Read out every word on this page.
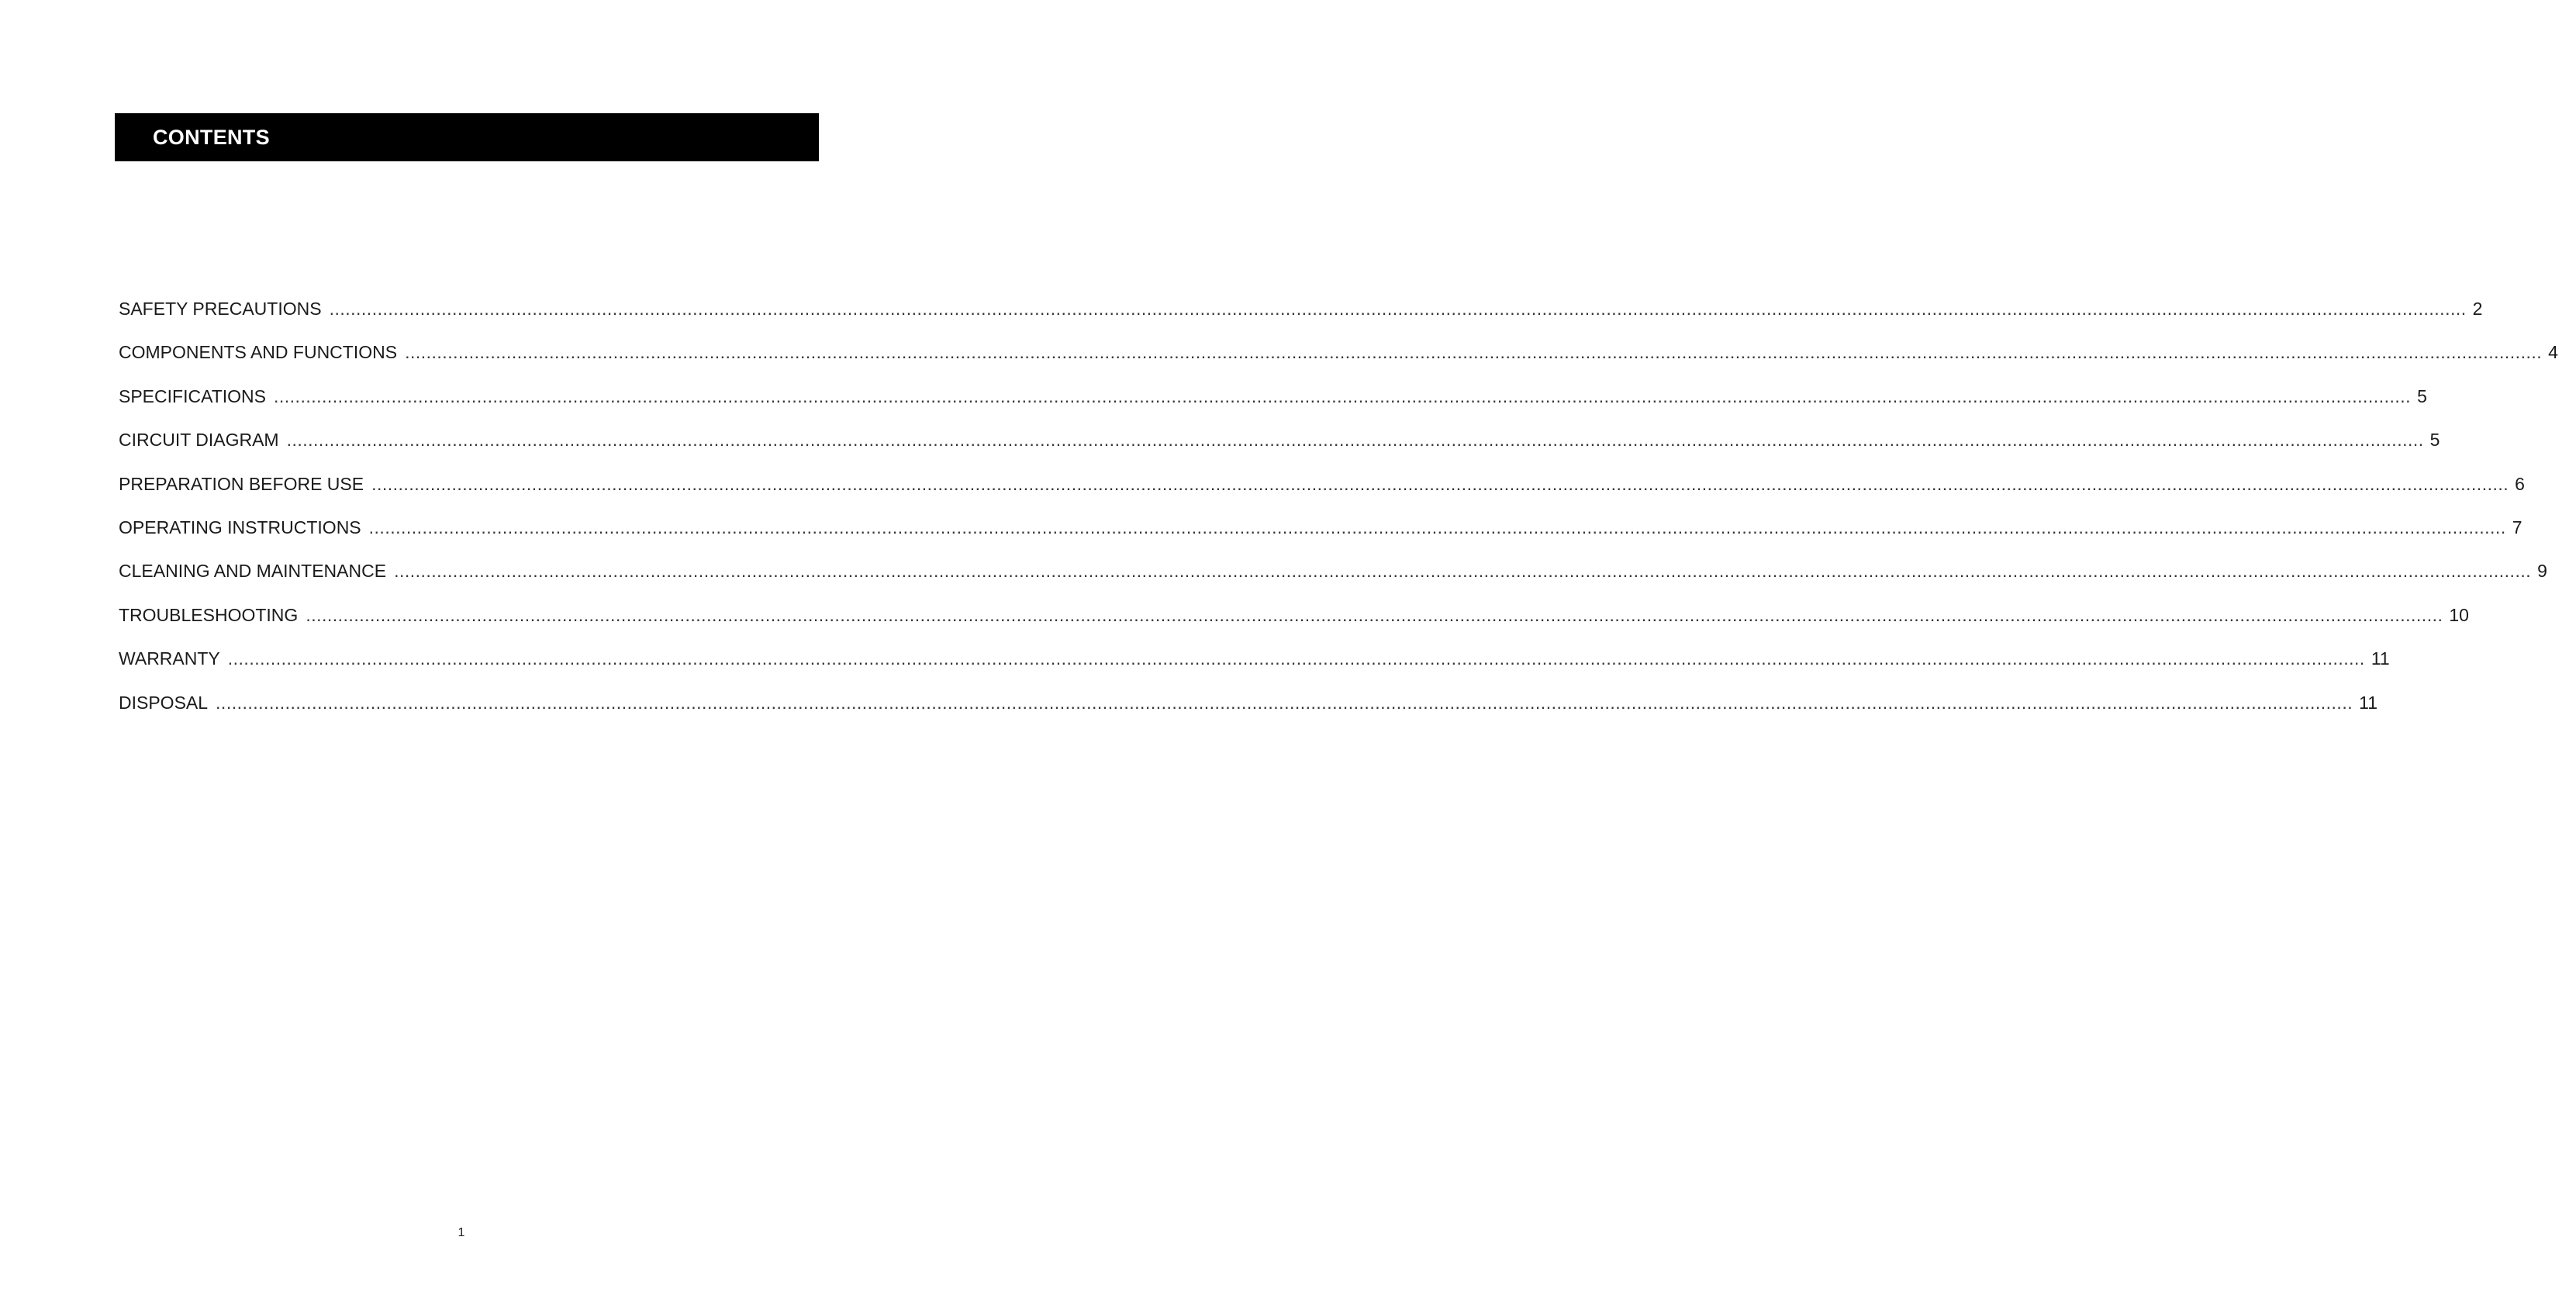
CONTENTS
SAFETY PRECAUTIONS ................................................................................................................................................................................................................................................................................................................................................................................................................ 2
COMPONENTS AND FUNCTIONS ................................................................................................................................................................................................................................................................................................................................................................................................................ 4
SPECIFICATIONS ................................................................................................................................................................................................................................................................................................................................................................................................................ 5
CIRCUIT DIAGRAM ................................................................................................................................................................................................................................................................................................................................................................................................................ 5
PREPARATION BEFORE USE ................................................................................................................................................................................................................................................................................................................................................................................................................ 6
OPERATING INSTRUCTIONS ................................................................................................................................................................................................................................................................................................................................................................................................................ 7
CLEANING AND MAINTENANCE ................................................................................................................................................................................................................................................................................................................................................................................................................ 9
TROUBLESHOOTING ................................................................................................................................................................................................................................................................................................................................................................................................................ 10
WARRANTY ................................................................................................................................................................................................................................................................................................................................................................................................................ 11
DISPOSAL ................................................................................................................................................................................................................................................................................................................................................................................................................ 11
1
